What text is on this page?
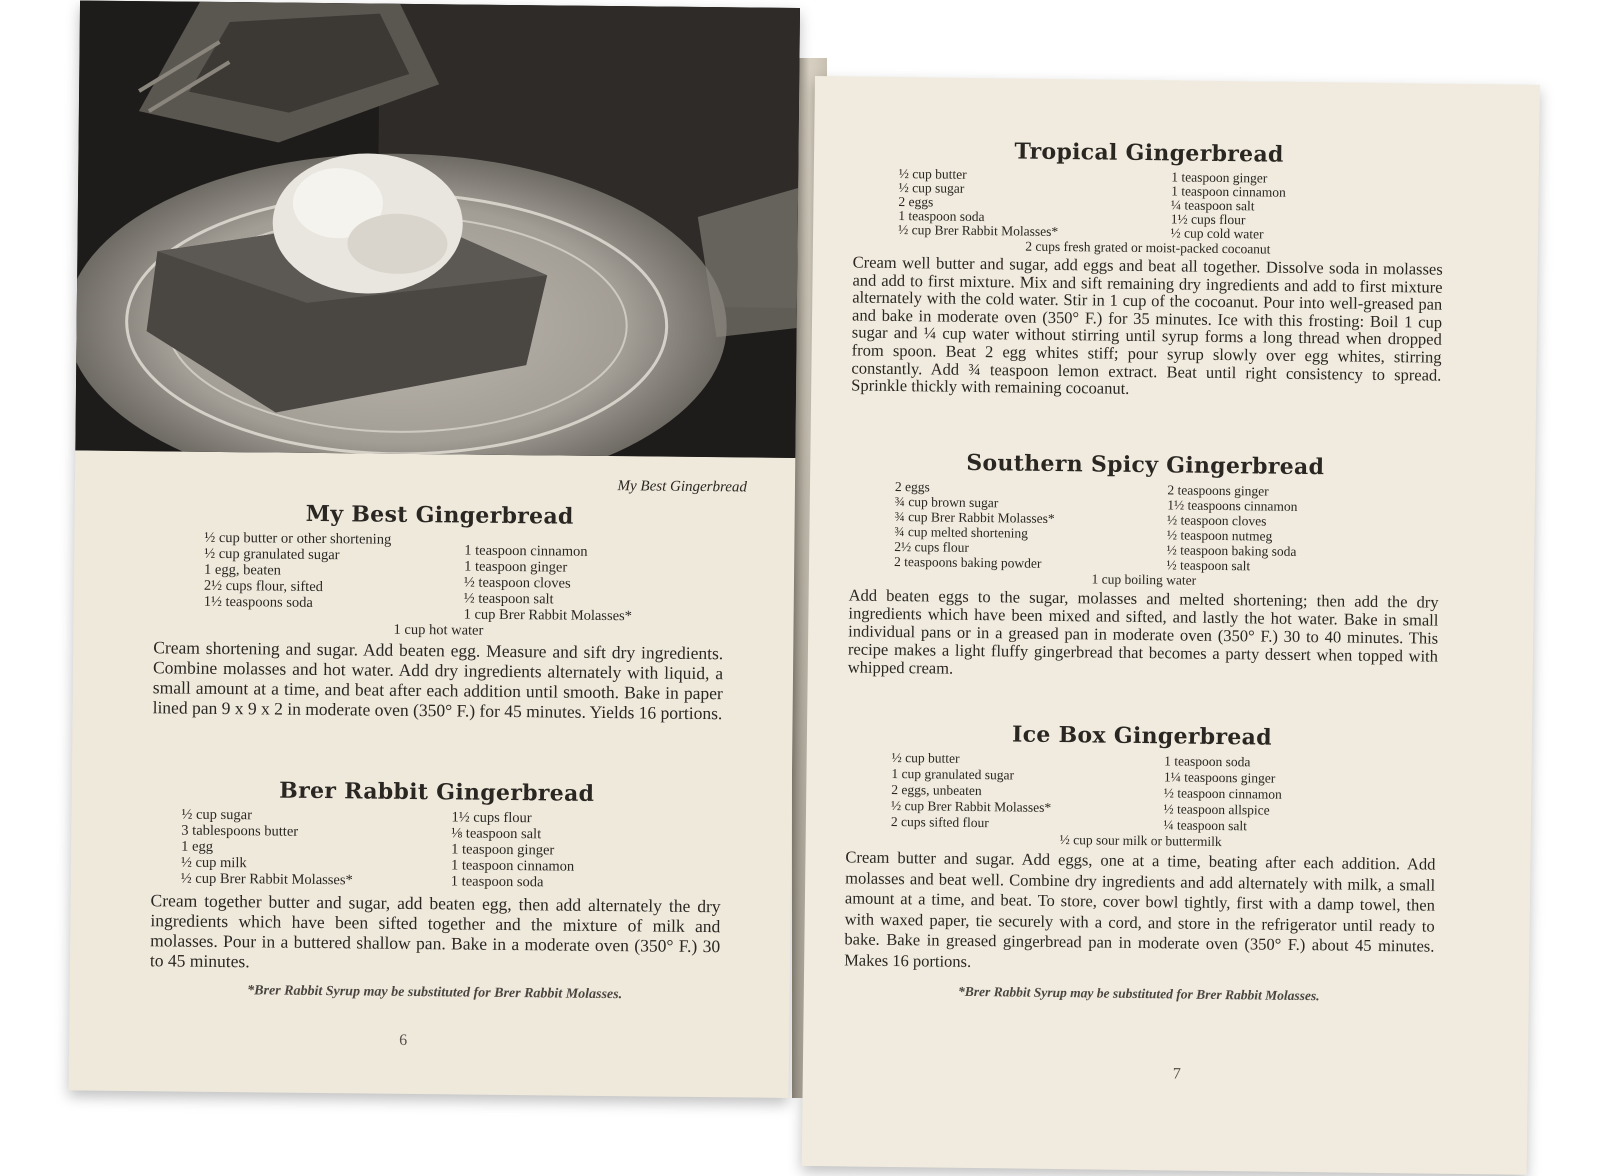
My Best Gingerbread
My Best Gingerbread
½ cup butter or other shortening
½ cup granulated sugar
1 egg, beaten
2½ cups flour, sifted
1½ teaspoons soda
1 teaspoon cinnamon
1 teaspoon ginger
½ teaspoon cloves
½ teaspoon salt
1 cup Brer Rabbit Molasses*
1 cup hot water

Cream shortening and sugar. Add beaten egg. Measure and sift dry ingredients. Combine molasses and hot water. Add dry ingredients alternately with liquid, a small amount at a time, and beat after each addition until smooth. Bake in paper lined pan 9 x 9 x 2 in moderate oven (350° F.) for 45 minutes. Yields 16 portions.

Brer Rabbit Gingerbread
½ cup sugar
3 tablespoons butter
1 egg
½ cup milk
½ cup Brer Rabbit Molasses*
1½ cups flour
⅛ teaspoon salt
1 teaspoon ginger
1 teaspoon cinnamon
1 teaspoon soda

Cream together butter and sugar, add beaten egg, then add alternately the dry ingredients which have been sifted together and the mixture of milk and molasses. Pour in a buttered shallow pan. Bake in a moderate oven (350° F.) 30 to 45 minutes.

*Brer Rabbit Syrup may be substituted for Brer Rabbit Molasses.
6
Tropical Gingerbread
½ cup butter
½ cup sugar
2 eggs
1 teaspoon soda
½ cup Brer Rabbit Molasses*
1 teaspoon ginger
1 teaspoon cinnamon
¼ teaspoon salt
1½ cups flour
½ cup cold water
2 cups fresh grated or moist-packed cocoanut

Cream well butter and sugar, add eggs and beat all together. Dissolve soda in molasses and add to first mixture. Mix and sift remaining dry ingredients and add to first mixture alternately with the cold water. Stir in 1 cup of the cocoanut. Pour into well-greased pan and bake in moderate oven (350° F.) for 35 minutes. Ice with this frosting: Boil 1 cup sugar and ¼ cup water without stirring until syrup forms a long thread when dropped from spoon. Beat 2 egg whites stiff; pour syrup slowly over egg whites, stirring constantly. Add ¾ teaspoon lemon extract. Beat until right consistency to spread. Sprinkle thickly with remaining cocoanut.

Southern Spicy Gingerbread
2 eggs
¾ cup brown sugar
¾ cup Brer Rabbit Molasses*
¾ cup melted shortening
2½ cups flour
2 teaspoons baking powder
2 teaspoons ginger
1½ teaspoons cinnamon
½ teaspoon cloves
½ teaspoon nutmeg
½ teaspoon baking soda
½ teaspoon salt
1 cup boiling water

Add beaten eggs to the sugar, molasses and melted shortening; then add the dry ingredients which have been mixed and sifted, and lastly the hot water. Bake in small individual pans or in a greased pan in moderate oven (350° F.) 30 to 40 minutes. This recipe makes a light fluffy gingerbread that becomes a party dessert when topped with whipped cream.

Ice Box Gingerbread
½ cup butter
1 cup granulated sugar
2 eggs, unbeaten
½ cup Brer Rabbit Molasses*
2 cups sifted flour
1 teaspoon soda
1¼ teaspoons ginger
½ teaspoon cinnamon
½ teaspoon allspice
¼ teaspoon salt
½ cup sour milk or buttermilk

Cream butter and sugar. Add eggs, one at a time, beating after each addition. Add molasses and beat well. Combine dry ingredients and add alternately with milk, a small amount at a time, and beat. To store, cover bowl tightly, first with a damp towel, then with waxed paper, tie securely with a cord, and store in the refrigerator until ready to bake. Bake in greased gingerbread pan in moderate oven (350° F.) about 45 minutes. Makes 16 portions.

*Brer Rabbit Syrup may be substituted for Brer Rabbit Molasses.
7
